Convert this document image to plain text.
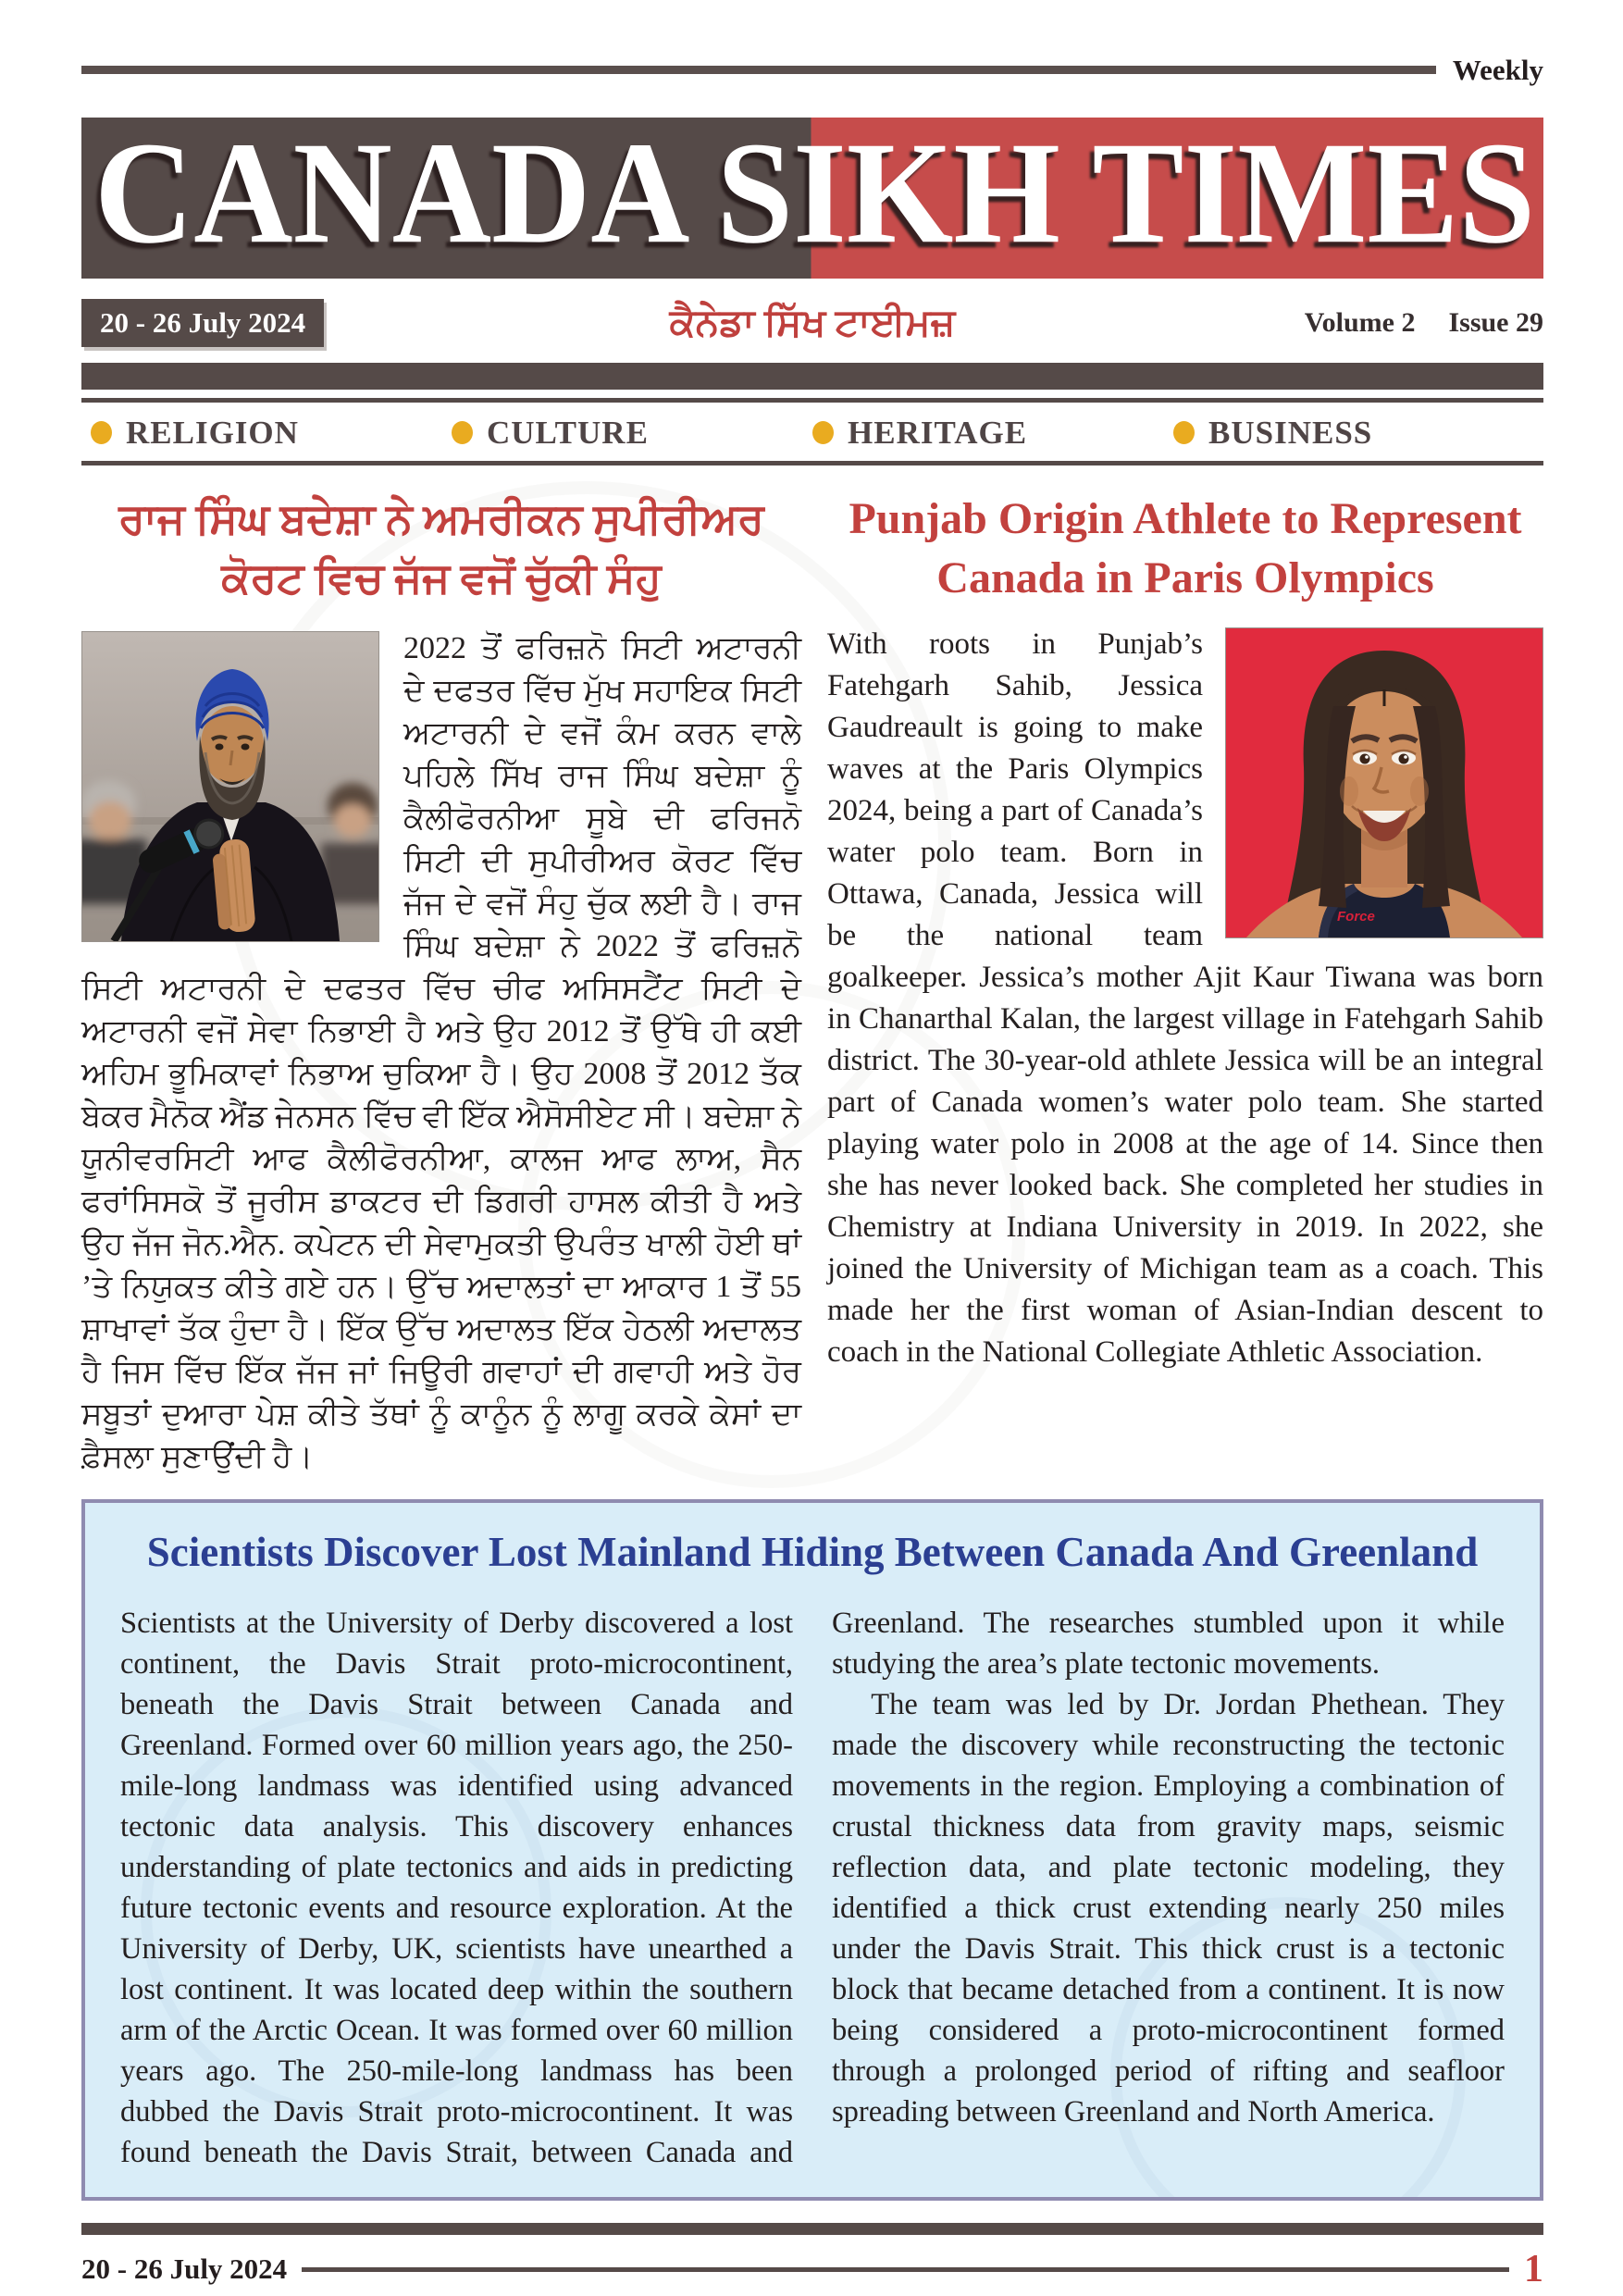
Weekly
CANADA SIKH TIMES
20 - 26 July 2024	ਕੈਨੇਡਾ ਸਿੱਖ ਟਾਈਮਜ਼	Volume 2 Issue 29
RELIGION	CULTURE	HERITAGE	BUSINESS
ਰਾਜ ਸਿੰਘ ਬਦੇਸ਼ਾ ਨੇ ਅਮਰੀਕਨ ਸੁਪੀਰੀਅਰ ਕੋਰਟ ਵਿਚ ਜੱਜ ਵਜੋਂ ਚੁੱਕੀ ਸੰਹੁ
2022 ਤੋਂ ਫਰਿਜ਼ਨੋ ਸਿਟੀ ਅਟਾਰਨੀ ਦੇ ਦਫਤਰ ਵਿੱਚ ਮੁੱਖ ਸਹਾਇਕ ਸਿਟੀ ਅਟਾਰਨੀ ਦੇ ਵਜੋਂ ਕੰਮ ਕਰਨ ਵਾਲੇ ਪਹਿਲੇ ਸਿੱਖ ਰਾਜ ਸਿੰਘ ਬਦੇਸ਼ਾ ਨੂੰ ਕੈਲੀਫੋਰਨੀਆ ਸੂਬੇ ਦੀ ਫਰਿਜਨੋ ਸਿਟੀ ਦੀ ਸੁਪੀਰੀਅਰ ਕੋਰਟ ਵਿੱਚ ਜੱਜ ਦੇ ਵਜੋਂ ਸੰਹੁ ਚੁੱਕ ਲਈ ਹੈ। ਰਾਜ ਸਿੰਘ ਬਦੇਸ਼ਾ ਨੇ 2022 ਤੋਂ ਫਰਿਜ਼ਨੋ ਸਿਟੀ ਅਟਾਰਨੀ ਦੇ ਦਫਤਰ ਵਿੱਚ ਚੀਫ ਅਸਿਸਟੈਂਟ ਸਿਟੀ ਦੇ ਅਟਾਰਨੀ ਵਜੋਂ ਸੇਵਾ ਨਿਭਾਈ ਹੈ ਅਤੇ ਉਹ 2012 ਤੋਂ ਉੱਥੇ ਹੀ ਕਈ ਅਹਿਮ ਭੂਮਿਕਾਵਾਂ ਨਿਭਾਅ ਚੁਕਿਆ ਹੈ। ਉਹ 2008 ਤੋਂ 2012 ਤੱਕ ਬੇਕਰ ਮੈਨੋਕ ਐਂਡ ਜੇਨਸਨ ਵਿੱਚ ਵੀ ਇੱਕ ਐਸੋਸੀਏਟ ਸੀ। ਬਦੇਸ਼ਾ ਨੇ ਯੂਨੀਵਰਸਿਟੀ ਆਫ ਕੈਲੀਫੋਰਨੀਆ, ਕਾਲਜ ਆਫ ਲਾਅ, ਸੈਨ ਫਰਾਂਸਿਸਕੋ ਤੋਂ ਜੂਰੀਸ ਡਾਕਟਰ ਦੀ ਡਿਗਰੀ ਹਾਸਲ ਕੀਤੀ ਹੈ ਅਤੇ ਉਹ ਜੱਜ ਜੋਨ.ਐਨ. ਕਪੇਟਨ ਦੀ ਸੇਵਾਮੁਕਤੀ ਉਪਰੰਤ ਖਾਲੀ ਹੋਈ ਥਾਂ ’ਤੇ ਨਿਯੁਕਤ ਕੀਤੇ ਗਏ ਹਨ। ਉੱਚ ਅਦਾਲਤਾਂ ਦਾ ਆਕਾਰ 1 ਤੋਂ 55 ਸ਼ਾਖਾਵਾਂ ਤੱਕ ਹੁੰਦਾ ਹੈ। ਇੱਕ ਉੱਚ ਅਦਾਲਤ ਇੱਕ ਹੇਠਲੀ ਅਦਾਲਤ ਹੈ ਜਿਸ ਵਿੱਚ ਇੱਕ ਜੱਜ ਜਾਂ ਜਿਊਰੀ ਗਵਾਹਾਂ ਦੀ ਗਵਾਹੀ ਅਤੇ ਹੋਰ ਸਬੂਤਾਂ ਦੁਆਰਾ ਪੇਸ਼ ਕੀਤੇ ਤੱਥਾਂ ਨੂੰ ਕਾਨੂੰਨ ਨੂੰ ਲਾਗੂ ਕਰਕੇ ਕੇਸਾਂ ਦਾ ਫ਼ੈਸਲਾ ਸੁਣਾਉਂਦੀ ਹੈ।
Punjab Origin Athlete to Represent Canada in Paris Olympics
Force
With roots in Punjab’s Fatehgarh Sahib, Jessica Gaudreault is going to make waves at the Paris Olympics 2024, being a part of Canada’s water polo team. Born in Ottawa, Canada, Jessica will be the national team goalkeeper. Jessica’s mother Ajit Kaur Tiwana was born in Chanarthal Kalan, the largest village in Fatehgarh Sahib district. The 30-year-old athlete Jessica will be an integral part of Canada women’s water polo team. She started playing water polo in 2008 at the age of 14. Since then she has never looked back. She completed her studies in Chemistry at Indiana University in 2019. In 2022, she joined the University of Michigan team as a coach. This made her the first woman of Asian-Indian descent to coach in the National Collegiate Athletic Association.
Scientists Discover Lost Mainland Hiding Between Canada And Greenland

Scientists at the University of Derby discovered a lost continent, the Davis Strait proto-microcontinent, beneath the Davis Strait between Canada and Greenland. Formed over 60 million years ago, the 250-mile-long landmass was identified using advanced tectonic data analysis. This discovery enhances understanding of plate tectonics and aids in predicting future tectonic events and resource exploration. At the University of Derby, UK, scientists have unearthed a lost continent. It was located deep within the southern arm of the Arctic Ocean. It was formed over 60 million years ago. The 250-mile-long landmass has been dubbed the Davis Strait proto-microcontinent. It was found beneath the Davis Strait, between Canada and Greenland. The researches stumbled upon it while studying the area’s plate tectonic movements.

The team was led by Dr. Jordan Phethean. They made the discovery while reconstructing the tectonic movements in the region. Employing a combination of crustal thickness data from gravity maps, seismic reflection data, and plate tectonic modeling, they identified a thick crust extending nearly 250 miles under the Davis Strait. This thick crust is a tectonic block that became detached from a continent. It is now being considered a proto-microcontinent formed through a prolonged period of rifting and seafloor spreading between Greenland and North America.

20 - 26 July 2024	1
